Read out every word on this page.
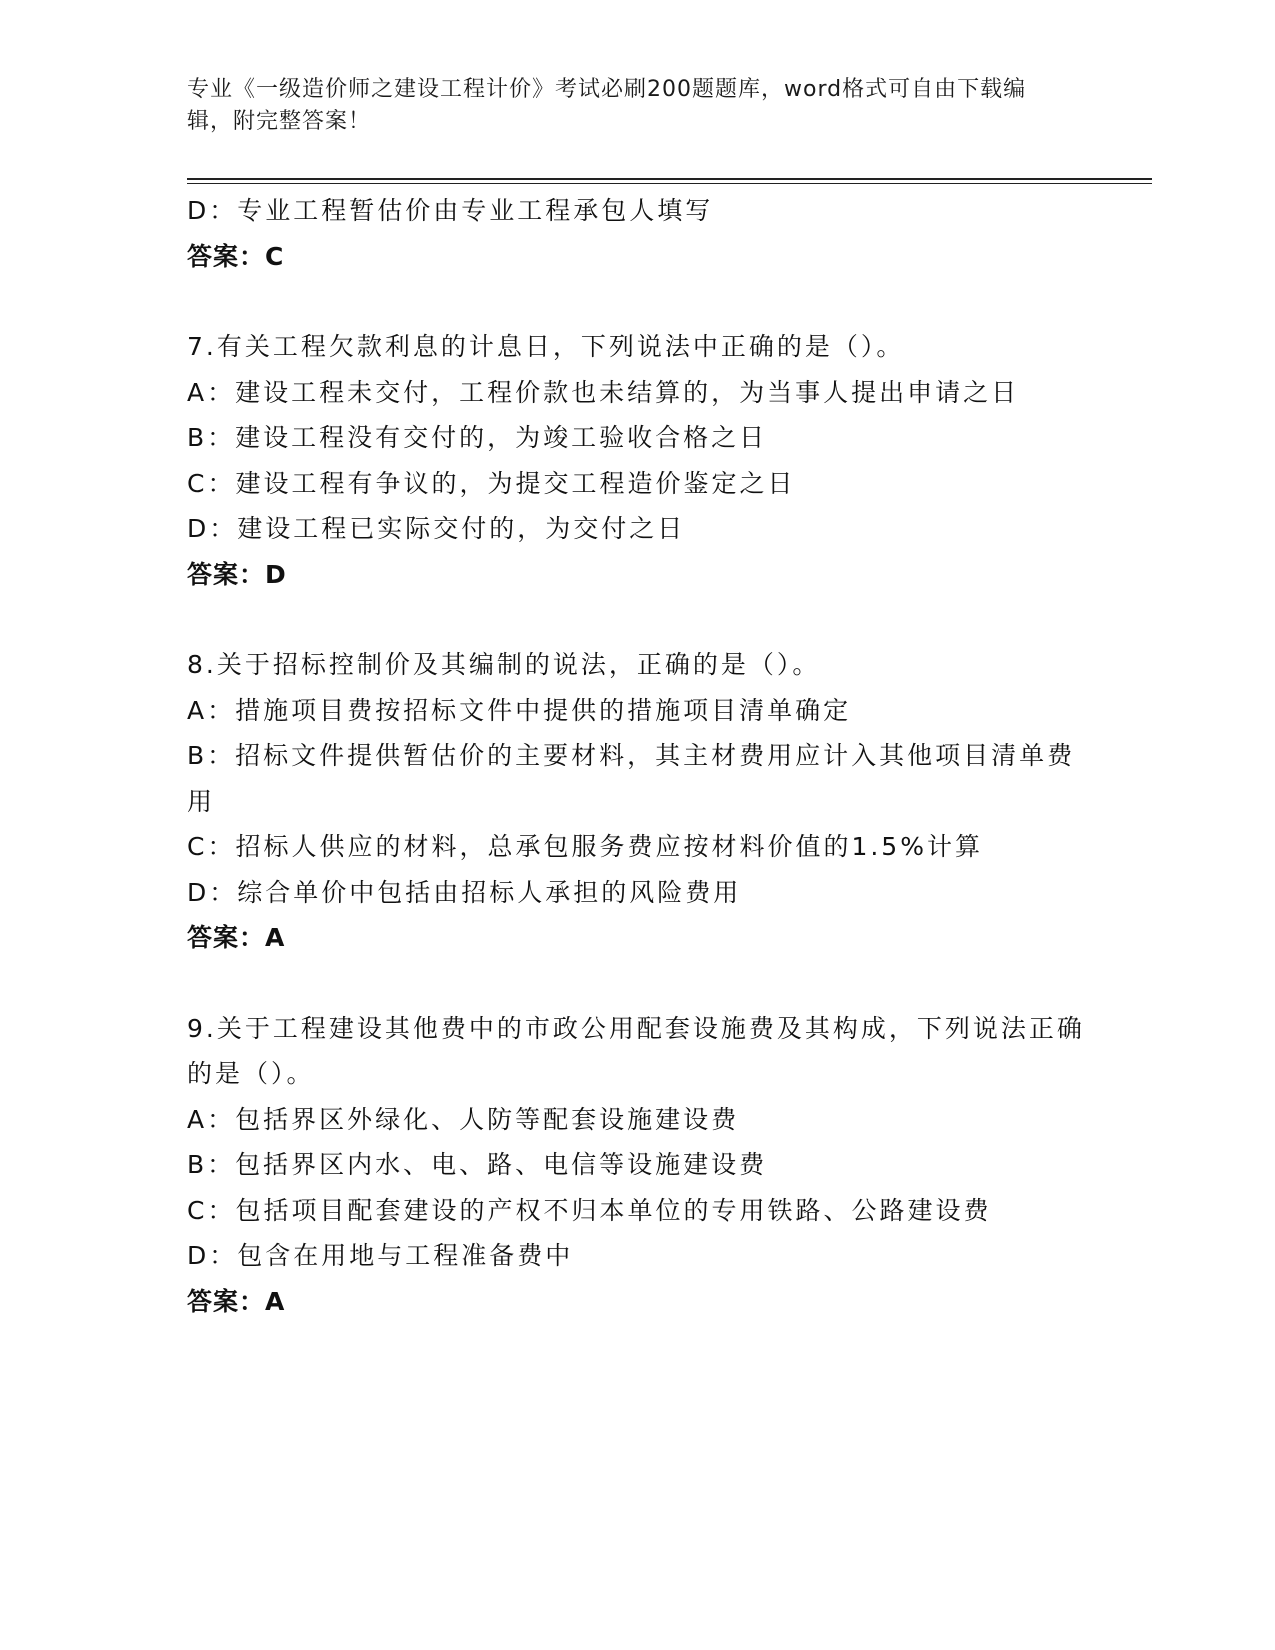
专业《一级造价师之建设工程计价》考试必刷200题题库，word格式可自由下载编辑，附完整答案！
D：专业工程暂估价由专业工程承包人填写
答案：C
7.有关工程欠款利息的计息日，下列说法中正确的是（）。
A：建设工程未交付，工程价款也未结算的，为当事人提出申请之日
B：建设工程没有交付的，为竣工验收合格之日
C：建设工程有争议的，为提交工程造价鉴定之日
D：建设工程已实际交付的，为交付之日
答案：D
8.关于招标控制价及其编制的说法，正确的是（）。
A：措施项目费按招标文件中提供的措施项目清单确定
B：招标文件提供暂估价的主要材料，其主材费用应计入其他项目清单费用
C：招标人供应的材料，总承包服务费应按材料价值的1.5%计算
D：综合单价中包括由招标人承担的风险费用
答案：A
9.关于工程建设其他费中的市政公用配套设施费及其构成，下列说法正确的是（）。
A：包括界区外绿化、人防等配套设施建设费
B：包括界区内水、电、路、电信等设施建设费
C：包括项目配套建设的产权不归本单位的专用铁路、公路建设费
D：包含在用地与工程准备费中
答案：A
